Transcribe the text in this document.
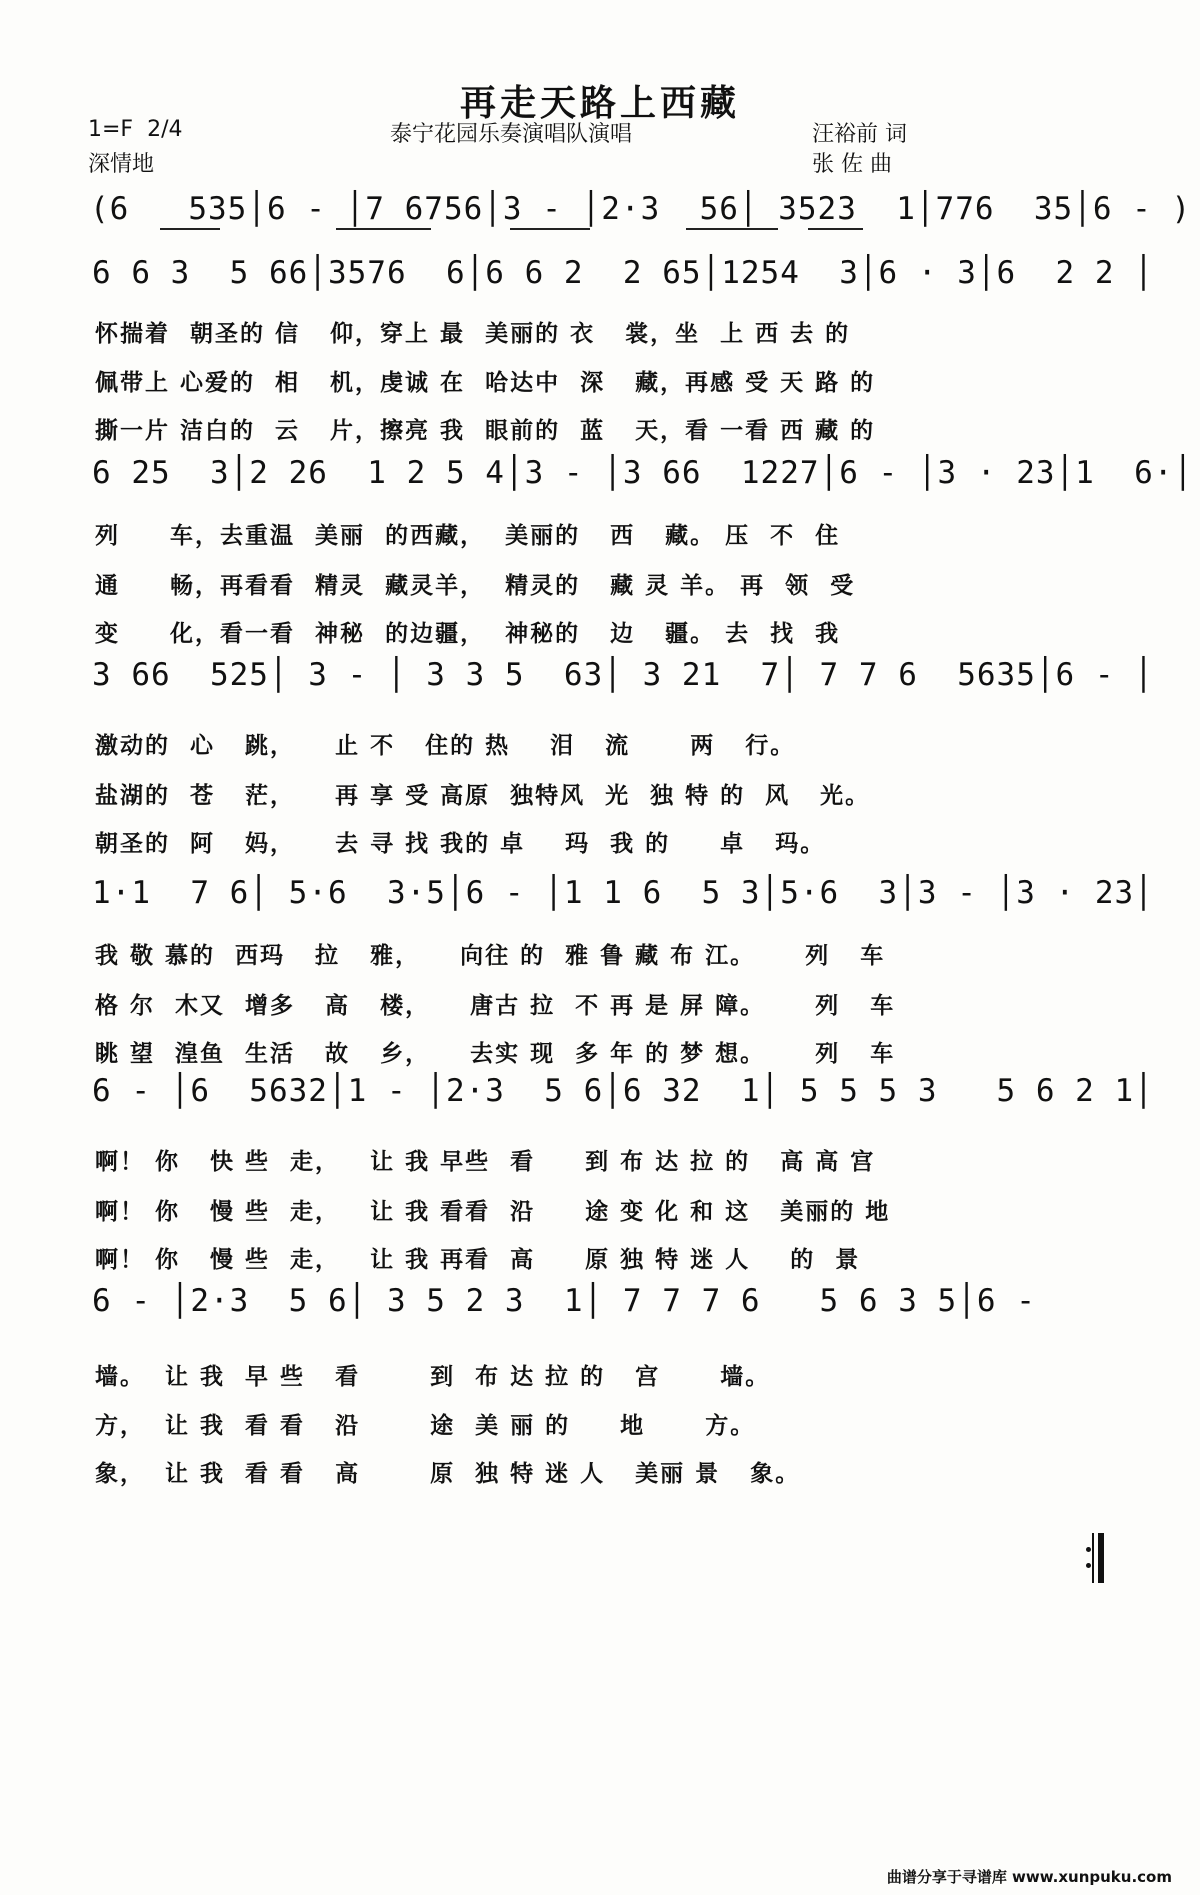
再走天路上西藏
1=F  2/4
深情地
泰宁花园乐奏演唱队演唱	汪裕前 词
张 佐 曲
(6   535│6 - │7 6756│3 - │2·3  56│ 3523  1│776  35│6 - )
6 6 3  5 66│3576  6│6 6 2  2 65│1254  3│6 · 3│6  2 2 │
怀揣着  朝圣的 信   仰，穿上 最  美丽的 衣   裳，坐  上 西 去 的
佩带上 心爱的  相   机，虔诚 在  哈达中  深   藏，再感 受 天 路 的
撕一片 洁白的  云   片，擦亮 我  眼前的  蓝   天，看 一看 西 藏 的
6 25  3│2 26  1 2 5 4│3 - │3 66  1227│6 - │3 · 23│1  6·│
列     车，去重温  美丽  的西藏，  美丽的   西   藏。 压  不  住
通     畅，再看看  精灵  藏灵羊，  精灵的   藏 灵 羊。 再  领  受
变     化，看一看  神秘  的边疆，  神秘的   边   疆。 去  找  我
3 66  525│ 3 - │ 3 3 5  63│ 3 21  7│ 7 7 6  5635│6 - │
激动的  心   跳，    止 不   住的 热    泪   流      两   行。
盐湖的  苍   茫，    再 享 受 高原  独特风  光  独 特 的  风   光。
朝圣的  阿   妈，    去 寻 找 我的 卓    玛  我 的     卓   玛。
1·1  7 6│ 5·6  3·5│6 - │1 1 6  5 3│5·6  3│3 - │3 · 23│
我 敬 慕的  西玛   拉   雅，    向往 的  雅 鲁 藏 布 江。     列   车
格 尔  木又  增多   高   楼，    唐古 拉  不 再 是 屏 障。     列   车
眺 望  湟鱼  生活   故   乡，    去实 现  多 年 的 梦 想。     列   车
6 - │6  5632│1 - │2·3  5 6│6 32  1│ 5 5 5 3   5 6 2 1│
啊！ 你   快 些  走，   让 我 早些  看     到 布 达 拉 的   高 高 宫
啊！ 你   慢 些  走，   让 我 看看  沿     途 变 化 和 这   美丽的 地
啊！ 你   慢 些  走，   让 我 再看  高     原 独 特 迷 人    的  景
6 - │2·3  5 6│ 3 5 2 3  1│ 7 7 7 6   5 6 3 5│6 -
墙。  让 我  早 些   看       到  布 达 拉 的   宫      墙。
方，  让 我  看 看   沿       途  美 丽 的     地      方。
象，  让 我  看 看   高       原  独 特 迷 人   美丽 景   象。
曲谱分享于寻谱库 www.xunpuku.com
